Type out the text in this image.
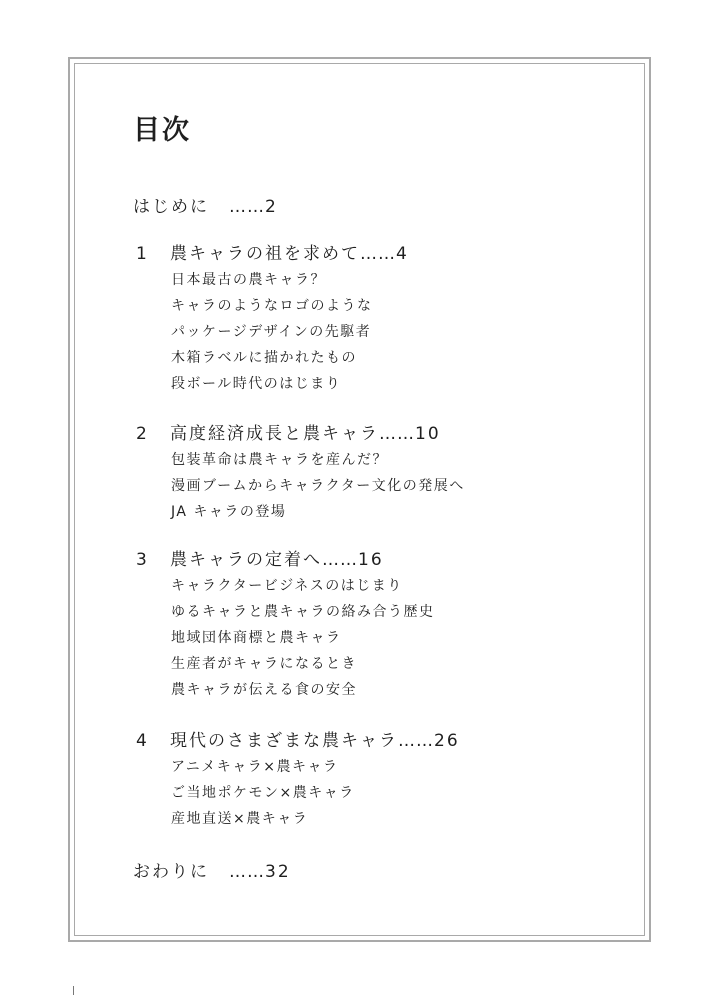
目次
はじめに ……2
1 農キャラの祖を求めて……4
日本最古の農キャラ？
キャラのようなロゴのような
パッケージデザインの先駆者
木箱ラベルに描かれたもの
段ボール時代のはじまり
2 高度経済成長と農キャラ……10
包装革命は農キャラを産んだ？
漫画ブームからキャラクター文化の発展へ
JA キャラの登場
3 農キャラの定着へ……16
キャラクタービジネスのはじまり
ゆるキャラと農キャラの絡み合う歴史
地域団体商標と農キャラ
生産者がキャラになるとき
農キャラが伝える食の安全
4 現代のさまざまな農キャラ……26
アニメキャラ×農キャラ
ご当地ポケモン×農キャラ
産地直送×農キャラ
おわりに ……32
